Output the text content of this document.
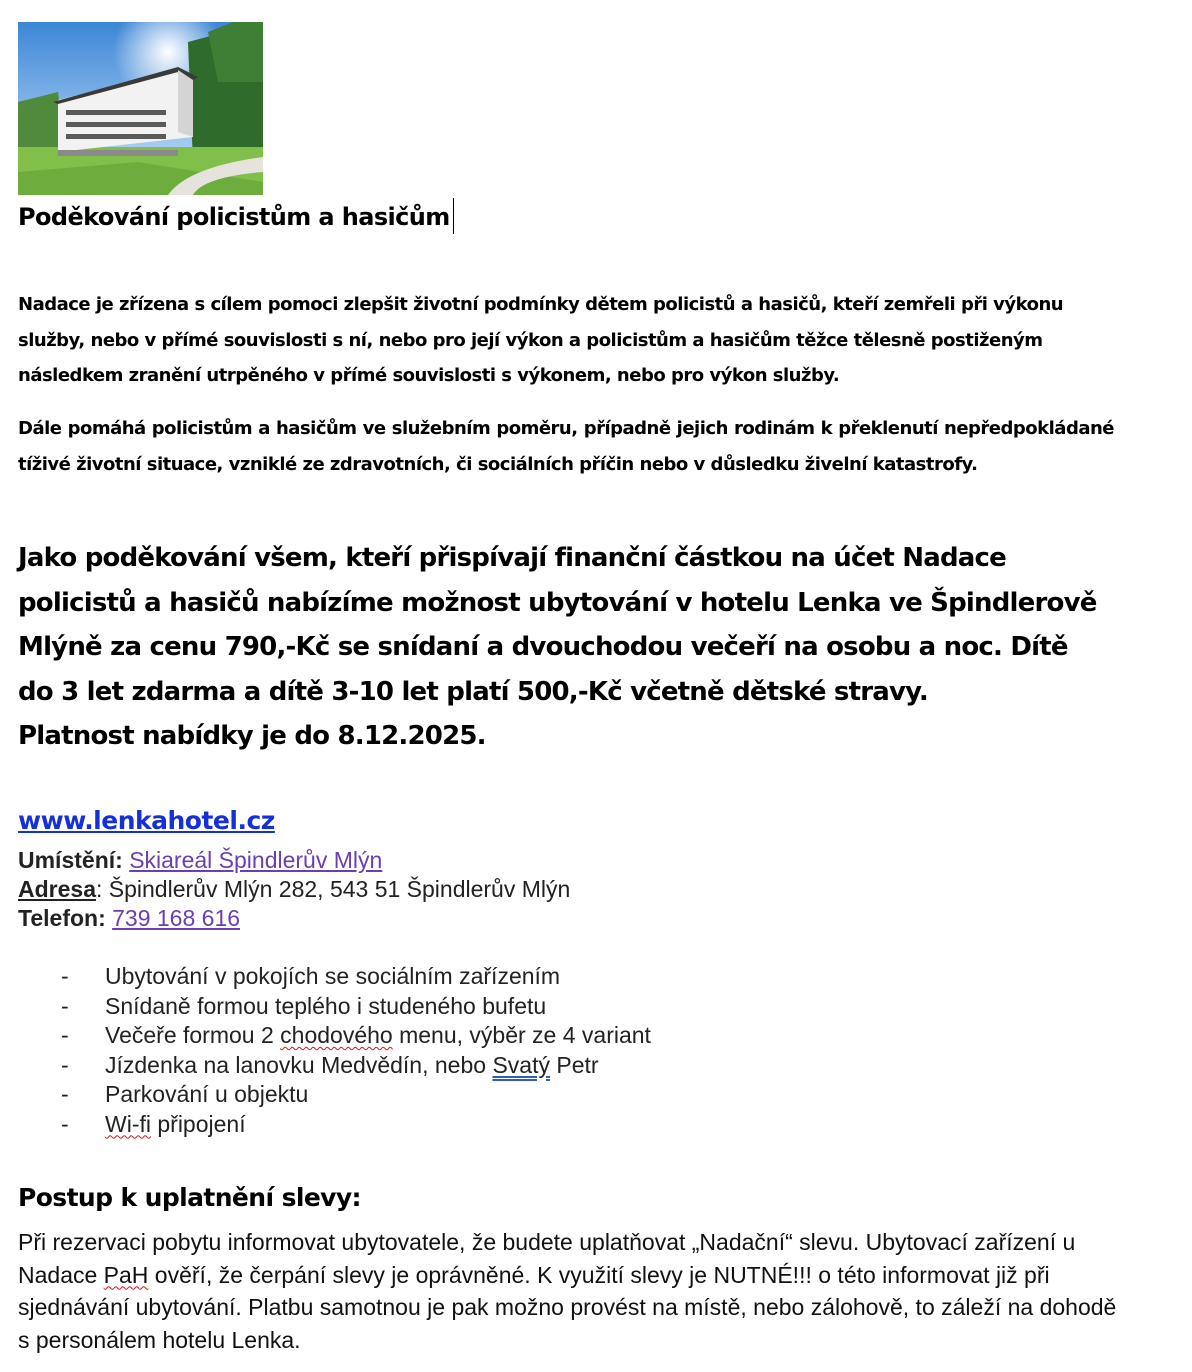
Poděkování policistům a hasičům

Nadace je zřízena s cílem pomoci zlepšit životní podmínky dětem policistů a hasičů, kteří zemřeli při výkonu služby, nebo v přímé souvislosti s ní, nebo pro její výkon a policistům a hasičům těžce tělesně postiženým následkem zranění utrpěného v přímé souvislosti s výkonem, nebo pro výkon služby.

Dále pomáhá policistům a hasičům ve služebním poměru, případně jejich rodinám k překlenutí nepředpokládané tíživé životní situace, vzniklé ze zdravotních, či sociálních příčin nebo v důsledku živelní katastrofy.

Jako poděkování všem, kteří přispívají finanční částkou na účet Nadace
policistů a hasičů nabízíme možnost ubytování v hotelu Lenka ve Špindlerově
Mlýně za cenu 790,-Kč se snídaní a dvouchodou večeří na osobu a noc. Dítě
do 3 let zdarma a dítě 3-10 let platí 500,-Kč včetně dětské stravy.
Platnost nabídky je do 8.12.2025.
www.lenkahotel.cz
Umístění: Skiareál Špindlerův Mlýn
Adresa: Špindlerův Mlýn 282, 543 51 Špindlerův Mlýn
Telefon: 739 168 616
- Ubytování v pokojích se sociálním zařízením
- Snídaně formou teplého i studeného bufetu
- Večeře formou 2 chodového menu, výběr ze 4 variant
- Jízdenka na lanovku Medvědín, nebo Svatý Petr
- Parkování u objektu
- Wi-fi připojení
Postup k uplatnění slevy:

Při rezervaci pobytu informovat ubytovatele, že budete uplatňovat „Nadační“ slevu. Ubytovací zařízení u Nadace PaH ověří, že čerpání slevy je oprávněné. K využití slevy je NUTNÉ!!! o této informovat již při sjednávání ubytování. Platbu samotnou je pak možno provést na místě, nebo zálohově, to záleží na dohodě s personálem hotelu Lenka.
